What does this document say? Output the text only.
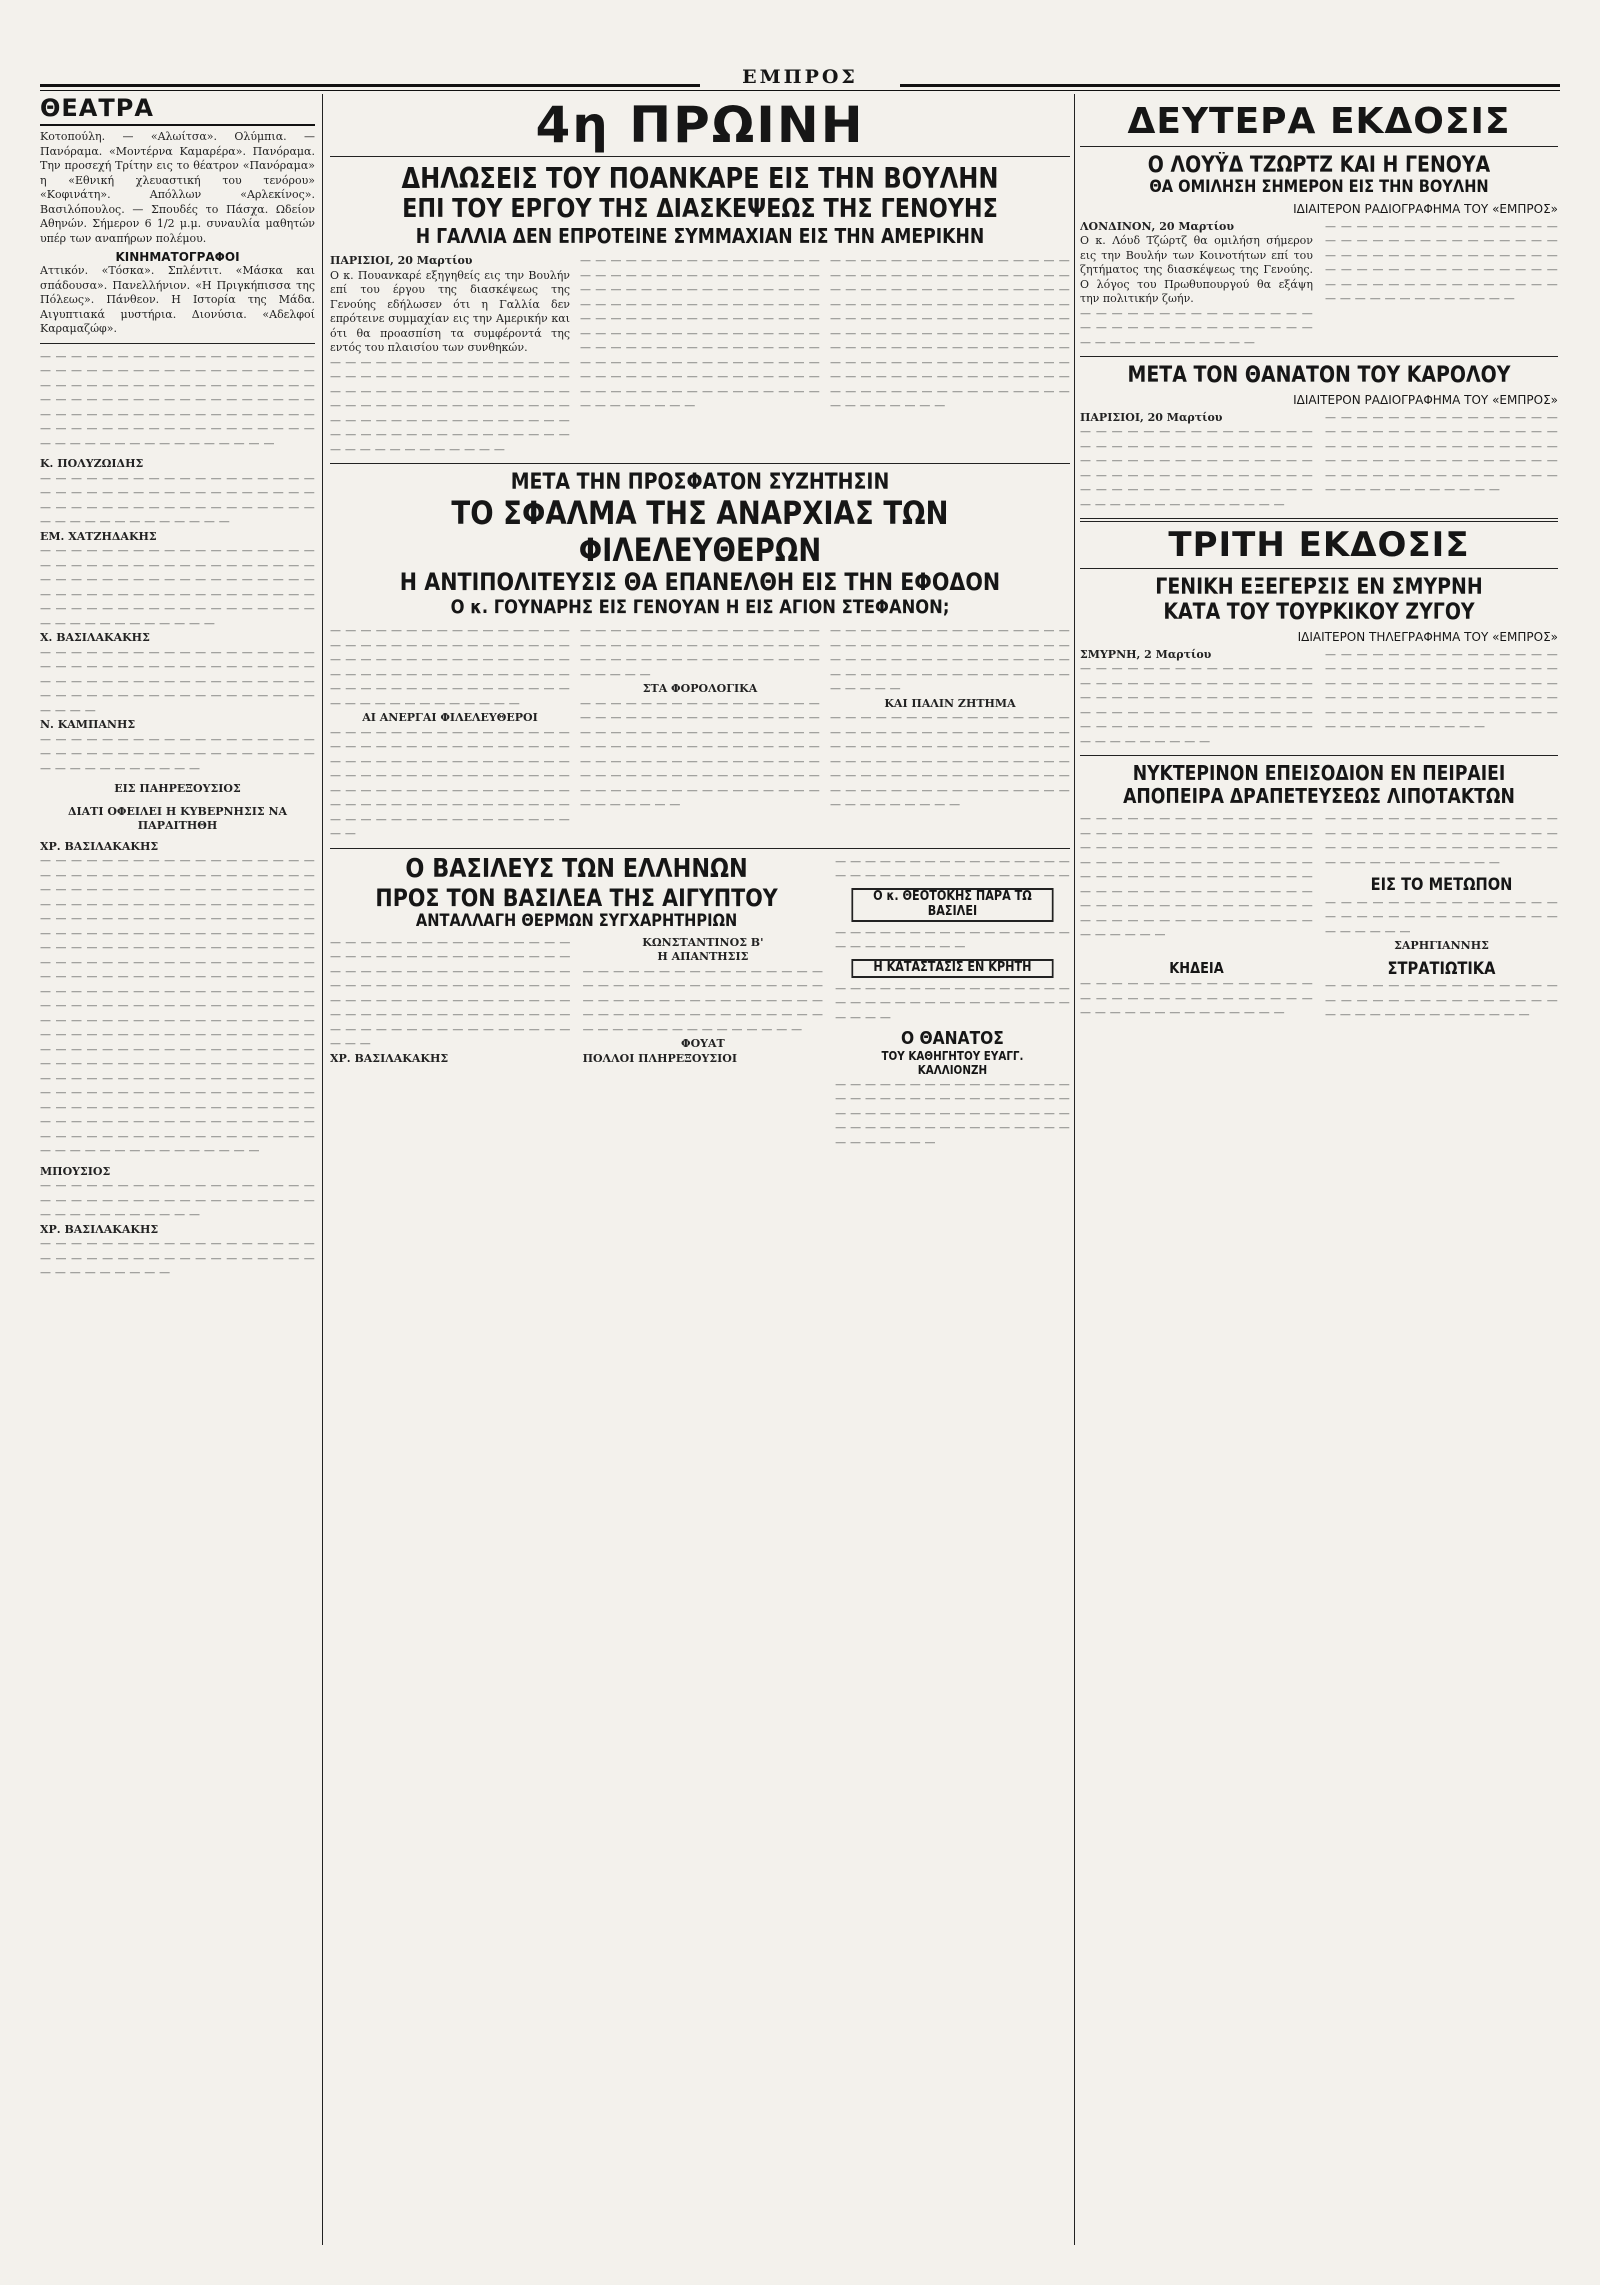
ΕΜΠΡΟΣ
ΘΕΑΤΡΑ
Κοτοπούλη. — «Αλωίτσα». Ολύμπια. — Πανόραμα. «Μοντέρνα Καμαρέρα». Πανόραμα. Την προσεχή Τρίτην εις το θέατρον «Πανόραμα» η «Εθνική χλευαστική του τενόρου» «Κοφινάτη». Απόλλων «Αρλεκίνος». Βασιλόπουλος. — Σπουδές το Πάσχα. Ωδείον Αθηνών. Σήμερον 6 1/2 μ.μ. συναυλία μαθητών υπέρ των αναπήρων πολέμου.
ΚΙΝΗΜΑΤΟΓΡΑΦΟΙ
Αττικόν. «Τόσκα». Σπλέντιτ. «Μάσκα και σπάδουσα». Πανελλήνιον. «Η Πριγκήπισσα της Πόλεως». Πάνθεον. Η Ιστορία της Μάδα. Αιγυπτιακά μυστήρια. Διονύσια. «Αδελφοί Καραμαζώφ».
— — — — — — — — — — — — — — — — — — — — — — — — — — — — — — — — — — — — — — — — — — — — — — — — — — — — — — — — — — — — — — — — — — — — — — — — — — — — — — — — — — — — — — — — — — — — — — — — — — — — — — — — — — — — — — — — — — — — — — — — — — — —
Κ. ΠΟΛΥΖΩΙΔΗΣ
— — — — — — — — — — — — — — — — — — — — — — — — — — — — — — — — — — — — — — — — — — — — — — — — — — — — — — — — — — — — — — — — — — —
ΕΜ. ΧΑΤΖΗΔΑΚΗΣ
— — — — — — — — — — — — — — — — — — — — — — — — — — — — — — — — — — — — — — — — — — — — — — — — — — — — — — — — — — — — — — — — — — — — — — — — — — — — — — — — — — — — — — — — — — — — — — — — — — — — — —
Χ. ΒΑΣΙΛΑΚΑΚΗΣ
— — — — — — — — — — — — — — — — — — — — — — — — — — — — — — — — — — — — — — — — — — — — — — — — — — — — — — — — — — — — — — — — — — — — — — — — — — — —
Ν. ΚΑΜΠΑΝΗΣ
— — — — — — — — — — — — — — — — — — — — — — — — — — — — — — — — — — — — — — — — — — — — — — —
ΕΙΣ ΠΑΗΡΕΞΟΥΣΙΟΣ
ΔΙΑΤΙ ΟΦΕΙΛΕΙ Η ΚΥΒΕΡΝΗΣΙΣ ΝΑ ΠΑΡΑΙΤΗΘΗ
ΧΡ. ΒΑΣΙΛΑΚΑΚΗΣ
— — — — — — — — — — — — — — — — — — — — — — — — — — — — — — — — — — — — — — — — — — — — — — — — — — — — — — — — — — — — — — — — — — — — — — — — — — — — — — — — — — — — — — — — — — — — — — — — — — — — — — — — — — — — — — — — — — — — — — — — — — — — — — — — — — — — — — — — — — — — — — — — — — — — — — — — — — — — — — — — — — — — — — — — — — — — — — — — — — — — — — — — — — — — — — — — — — — — — — — — — — — — — — — — — — — — — — — — — — — — — — — — — — — — — — — — — — — — — — — — — — — — — — — — — — — — — — — — — — — — — — — — — — — — — — — — — — — — — — — — — — — — — — — — — — — — — — — — — — — — — — — — — — — — — — — — — — — — — — — — — — — — — — — — — — — — — — — — — — — — — — — — — — — — — — — — — — — — — — — — — — — — — — — — — — — — — — —
ΜΠΟΥΣΙΟΣ
— — — — — — — — — — — — — — — — — — — — — — — — — — — — — — — — — — — — — — — — — — — — — — —
ΧΡ. ΒΑΣΙΛΑΚΑΚΗΣ
— — — — — — — — — — — — — — — — — — — — — — — — — — — — — — — — — — — — — — — — — — — — —
4η ΠΡΩΙΝΗ
ΔΗΛΩΣΕΙΣ ΤΟΥ ΠΟΑΝΚΑΡΕ ΕΙΣ ΤΗΝ ΒΟΥΛΗΝ
ΕΠΙ ΤΟΥ ΕΡΓΟΥ ΤΗΣ ΔΙΑΣΚΕΨΕΩΣ ΤΗΣ ΓΕΝΟΥΗΣ
Η ΓΑΛΛΙΑ ΔΕΝ ΕΠΡΟΤΕΙΝΕ ΣΥΜΜΑΧΙΑΝ ΕΙΣ ΤΗΝ ΑΜΕΡΙΚΗΝ
ΠΑΡΙΣΙΟΙ, 20 Μαρτίου
Ο κ. Πουανκαρέ εξηγηθείς εις την Βουλήν επί του έργου της διασκέψεως της Γενούης εδήλωσεν ότι η Γαλλία δεν επρότεινε συμμαχίαν εις την Αμερικήν και ότι θα προασπίση τα συμφέροντά της εντός του πλαισίου των συνθηκών.
— — — — — — — — — — — — — — — — — — — — — — — — — — — — — — — — — — — — — — — — — — — — — — — — — — — — — — — — — — — — — — — — — — — — — — — — — — — — — — — — — — — — — — — — — — — — — — — — — — — — — — — — — — — —
— — — — — — — — — — — — — — — — — — — — — — — — — — — — — — — — — — — — — — — — — — — — — — — — — — — — — — — — — — — — — — — — — — — — — — — — — — — — — — — — — — — — — — — — — — — — — — — — — — — — — — — — — — — — — — — — — — — — — — — — — — — — — — — — — — — — — — — — — — — — — — — — — — — — — — — — — — — — — — — — — — — — — — — —
— — — — — — — — — — — — — — — — — — — — — — — — — — — — — — — — — — — — — — — — — — — — — — — — — — — — — — — — — — — — — — — — — — — — — — — — — — — — — — — — — — — — — — — — — — — — — — — — — — — — — — — — — — — — — — — — — — — — — — — — — — — — — — — — — — — — — — — — — — — — — — — — — — — — — — — — — — — — — — — — — — — — — — — —
ΜΕΤΑ ΤΗΝ ΠΡΟΣΦΑΤΟΝ ΣΥΖΗΤΗΣΙΝ
ΤΟ ΣΦΑΛΜΑ ΤΗΣ ΑΝΑΡΧΙΑΣ ΤΩΝ ΦΙΛΕΛΕΥΘΕΡΩΝ
Η ΑΝΤΙΠΟΛΙΤΕΥΣΙΣ ΘΑ ΕΠΑΝΕΛΘΗ ΕΙΣ ΤΗΝ ΕΦΟΔΟΝ
Ο κ. ΓΟΥΝΑΡΗΣ ΕΙΣ ΓΕΝΟΥΑΝ Η ΕΙΣ ΑΓΙΟΝ ΣΤΕΦΑΝΟΝ;
— — — — — — — — — — — — — — — — — — — — — — — — — — — — — — — — — — — — — — — — — — — — — — — — — — — — — — — — — — — — — — — — — — — — — — — — — — — — — — — — — — — — — — — — — — — — —
ΑΙ ΑΝΕΡΓΑΙ ΦΙΛΕΛΕΥΘΕΡΟΙ
— — — — — — — — — — — — — — — — — — — — — — — — — — — — — — — — — — — — — — — — — — — — — — — — — — — — — — — — — — — — — — — — — — — — — — — — — — — — — — — — — — — — — — — — — — — — — — — — — — — — — — — — — — — — — — — — — —
— — — — — — — — — — — — — — — — — — — — — — — — — — — — — — — — — — — — — — — — — — — — — — — — — — — — —
ΣΤΑ ΦΟΡΟΛΟΓΙΚΑ
— — — — — — — — — — — — — — — — — — — — — — — — — — — — — — — — — — — — — — — — — — — — — — — — — — — — — — — — — — — — — — — — — — — — — — — — — — — — — — — — — — — — — — — — — — — — — — — — — — — — — — — — — — — — — — — — — — — — — — —
— — — — — — — — — — — — — — — — — — — — — — — — — — — — — — — — — — — — — — — — — — — — — — — — — — — — — — — — — — — — — — — — — — — — —
ΚΑΙ ΠΑΛΙΝ ΖΗΤΗΜΑ
— — — — — — — — — — — — — — — — — — — — — — — — — — — — — — — — — — — — — — — — — — — — — — — — — — — — — — — — — — — — — — — — — — — — — — — — — — — — — — — — — — — — — — — — — — — — — — — — — — — — — — — — —
Ο ΒΑΣΙΛΕΥΣ ΤΩΝ ΕΛΛΗΝΩΝ
ΠΡΟΣ ΤΟΝ ΒΑΣΙΛΕΑ ΤΗΣ ΑΙΓΥΠΤΟΥ
ΑΝΤΑΛΛΑΓΗ ΘΕΡΜΩΝ ΣΥΓΧΑΡΗΤΗΡΙΩΝ
— — — — — — — — — — — — — — — — — — — — — — — — — — — — — — — — — — — — — — — — — — — — — — — — — — — — — — — — — — — — — — — — — — — — — — — — — — — — — — — — — — — — — — — — — — — — — — — — — — — — — — — — — — — — — — — — — — —
ΧΡ. ΒΑΣΙΛΑΚΑΚΗΣ
ΚΩΝΣΤΑΝΤΙΝΟΣ Β'
Η ΑΠΑΝΤΗΣΙΣ
— — — — — — — — — — — — — — — — — — — — — — — — — — — — — — — — — — — — — — — — — — — — — — — — — — — — — — — — — — — — — — — — — — — — — — — — — — — — — — —
ΦΟΥΑΤ
ΠΟΛΛΟΙ ΠΛΗΡΕΞΟΥΣΙΟΙ
— — — — — — — — — — — — — — — — — — — — — — — — — — — — — — — —
Ο κ. ΘΕΟΤΟΚΗΣ ΠΑΡΑ ΤΩ ΒΑΣΙΛΕΙ
— — — — — — — — — — — — — — — — — — — — — — — — —
Η ΚΑΤΑΣΤΑΣΙΣ ΕΝ ΚΡΗΤΗ
— — — — — — — — — — — — — — — — — — — — — — — — — — — — — — — — — — — —
Ο ΘΑΝΑΤΟΣ
ΤΟΥ ΚΑΘΗΓΗΤΟΥ ΕΥΑΓΓ. ΚΑΛΛΙΟΝΖΗ
— — — — — — — — — — — — — — — — — — — — — — — — — — — — — — — — — — — — — — — — — — — — — — — — — — — — — — — — — — — — — — — — — — — — — — —
ΔΕΥΤΕΡΑ ΕΚΔΟΣΙΣ
Ο ΛΟΥΫΔ ΤΖΩΡΤΖ ΚΑΙ Η ΓΕΝΟΥΑ
ΘΑ ΟΜΙΛΗΣΗ ΣΗΜΕΡΟΝ ΕΙΣ ΤΗΝ ΒΟΥΛΗΝ
ΙΔΙΑΙΤΕΡΟΝ ΡΑΔΙΟΓΡΑΦΗΜΑ ΤΟΥ «ΕΜΠΡΟΣ»
ΛΟΝΔΙΝΟΝ, 20 Μαρτίου
Ο κ. Λόυδ Τζώρτζ θα ομιλήση σήμερον εις την Βουλήν των Κοινοτήτων επί του ζητήματος της διασκέψεως της Γενούης. Ο λόγος του Πρωθυπουργού θα εξάψη την πολιτικήν ζωήν.
— — — — — — — — — — — — — — — — — — — — — — — — — — — — — — — — — — — — — — — — — —
— — — — — — — — — — — — — — — — — — — — — — — — — — — — — — — — — — — — — — — — — — — — — — — — — — — — — — — — — — — — — — — — — — — — — — — — — — — — — — — — — — — — — — — —
ΜΕΤΑ ΤΟΝ ΘΑΝΑΤΟΝ ΤΟΥ ΚΑΡΟΛΟΥ
ΙΔΙΑΙΤΕΡΟΝ ΡΑΔΙΟΓΡΑΦΗΜΑ ΤΟΥ «ΕΜΠΡΟΣ»
ΠΑΡΙΣΙΟΙ, 20 Μαρτίου
— — — — — — — — — — — — — — — — — — — — — — — — — — — — — — — — — — — — — — — — — — — — — — — — — — — — — — — — — — — — — — — — — — — — — — — — — — — — — — — — — — — — — — — — —
— — — — — — — — — — — — — — — — — — — — — — — — — — — — — — — — — — — — — — — — — — — — — — — — — — — — — — — — — — — — — — — — — — — — — — — — — — — — — — — — — — — — — — —
ΤΡΙΤΗ ΕΚΔΟΣΙΣ
ΓΕΝΙΚΗ ΕΞΕΓΕΡΣΙΣ ΕΝ ΣΜΥΡΝΗ
ΚΑΤΑ ΤΟΥ ΤΟΥΡΚΙΚΟΥ ΖΥΓΟΥ
ΙΔΙΑΙΤΕΡΟΝ ΤΗΛΕΓΡΑΦΗΜΑ ΤΟΥ «ΕΜΠΡΟΣ»
ΣΜΥΡΝΗ, 2 Μαρτίου
— — — — — — — — — — — — — — — — — — — — — — — — — — — — — — — — — — — — — — — — — — — — — — — — — — — — — — — — — — — — — — — — — — — — — — — — — — — — — — — — — — — —
— — — — — — — — — — — — — — — — — — — — — — — — — — — — — — — — — — — — — — — — — — — — — — — — — — — — — — — — — — — — — — — — — — — — — — — — — — — — — — — — — — — — — —
ΝΥΚΤΕΡΙΝΟΝ ΕΠΕΙΣΟΔΙΟΝ ΕΝ ΠΕΙΡΑΙΕΙ
ΑΠΟΠΕΙΡΑ ΔΡΑΠΕΤΕΥΣΕΩΣ ΛΙΠΟΤΑΚΤΩΝ
— — — — — — — — — — — — — — — — — — — — — — — — — — — — — — — — — — — — — — — — — — — — — — — — — — — — — — — — — — — — — — — — — — — — — — — — — — — — — — — — — — — — — — — — — — — — — — — — — — — — — — — — — — — — — — — — — — — — — — — — — — — — — —
— — — — — — — — — — — — — — — — — — — — — — — — — — — — — — — — — — — — — — — — — — — — — — — — — — — — — — — — —
ΕΙΣ ΤΟ ΜΕΤΩΠΟΝ
— — — — — — — — — — — — — — — — — — — — — — — — — — — — — — — — — — — —
ΣΑΡΗΓΙΑΝΝΗΣ
ΚΗΔΕΙΑ
— — — — — — — — — — — — — — — — — — — — — — — — — — — — — — — — — — — — — — — — — — — —
ΣΤΡΑΤΙΩΤΙΚΑ
— — — — — — — — — — — — — — — — — — — — — — — — — — — — — — — — — — — — — — — — — — — —
